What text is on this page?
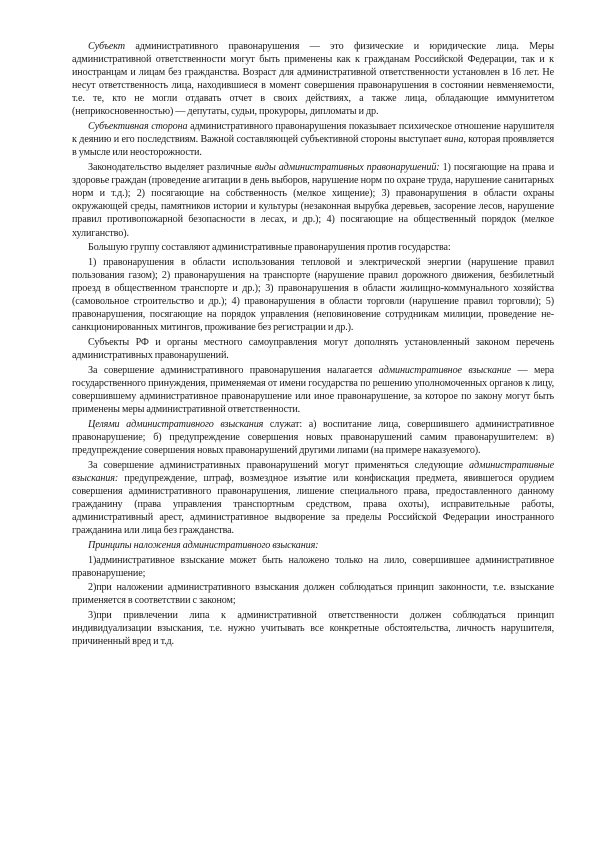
Субъект административного правонарушения — это физические и юридические лица. Меры административной ответственности могут быть применены как к гражданам Российской Федерации, так и к иностранцам и лицам без гражданства. Возраст для административной ответственности установлен в 16 лет. Не несут ответственность лица, находившиеся в момент совершения правонарушения в состоянии невменяемости, т.е. те, кто не могли отдавать отчет в своих действиях, а также лица, обладающие иммунитетом (неприкосновенностью) — депутаты, судьи, прокуроры, дипломаты и др.

Субъективная сторона административного правонарушения показывает психическое отношение нарушителя к деянию и его последствиям. Важной составляющей субъективной стороны выступает вина, которая проявляется в умысле или неосторожности.

Законодательство выделяет различные виды административных правонарушений: 1) посягающие на права и здоровье граждан (проведение агитации в день выборов, нарушение норм по охране труда, нарушение санитарных норм и т.д.); 2) посягающие на собственность (мелкое хищение); 3) правонарушения в области охраны окружающей среды, памятников истории и культуры (незаконная вырубка деревьев, засорение лесов, нарушение правил противопожарной безопасности в лесах, и др.); 4) посягающие на общественный порядок (мелкое хулиганство).

Большую группу составляют административные правонарушения против государства:

1) правонарушения в области использования тепловой и электрической энергии (нарушение правил пользования газом); 2) правонарушения на транспорте (нарушение правил дорожного движения, безбилетный проезд в общественном транспорте и др.); 3) правонарушения в области жилищно-коммунального хозяйства (самовольное строительство и др.); 4) правонарушения в области торговли (нарушение правил торговли); 5) правонарушения, посягающие на порядок управления (неповиновение сотрудникам милиции, проведение не-санкционированных митингов, проживание без регистрации и др.).

Субъекты РФ и органы местного самоуправления могут дополнять установленный законом перечень административных правонарушений.

За совершение административного правонарушения налагается административное взыскание — мера государственного принуждения, применяемая от имени государства по решению уполномоченных органов к лицу, совершившему административное правонарушение или иное правонарушение, за которое по закону могут быть применены меры административной ответственности.

Целями административного взыскания служат: а) воспитание лица, совершившего административное правонарушение; б) предупреждение совершения новых правонарушений самим правонарушителем: в) предупреждение совершения новых правонарушений другими липами (на примере наказуемого).

За совершение административных правонарушений могут применяться следующие административные взыскания: предупреждение, штраф, возмездное изъятие или конфискация предмета, явившегося орудием совершения административного правонарушения, лишение специального права, предоставленного данному гражданину (права управления транспортным средством, права охоты), исправительные работы, административный арест, административное выдворение за пределы Российской Федерации иностранного гражданина или лица без гражданства.

Принципы наложения административного взыскания:

1)административное взыскание может быть наложено только на лило, совершившее административное правонарушение;

2)при наложении административного взыскания должен соблюдаться принцип законности, т.е. взыскание применяется в соответствии с законом;

3)при привлечении липа к административной ответственности должен соблюдаться принцип индивидуализации взыскания, т.е. нужно учитывать все конкретные обстоятельства, личность нарушителя, причиненный вред и т.д.
